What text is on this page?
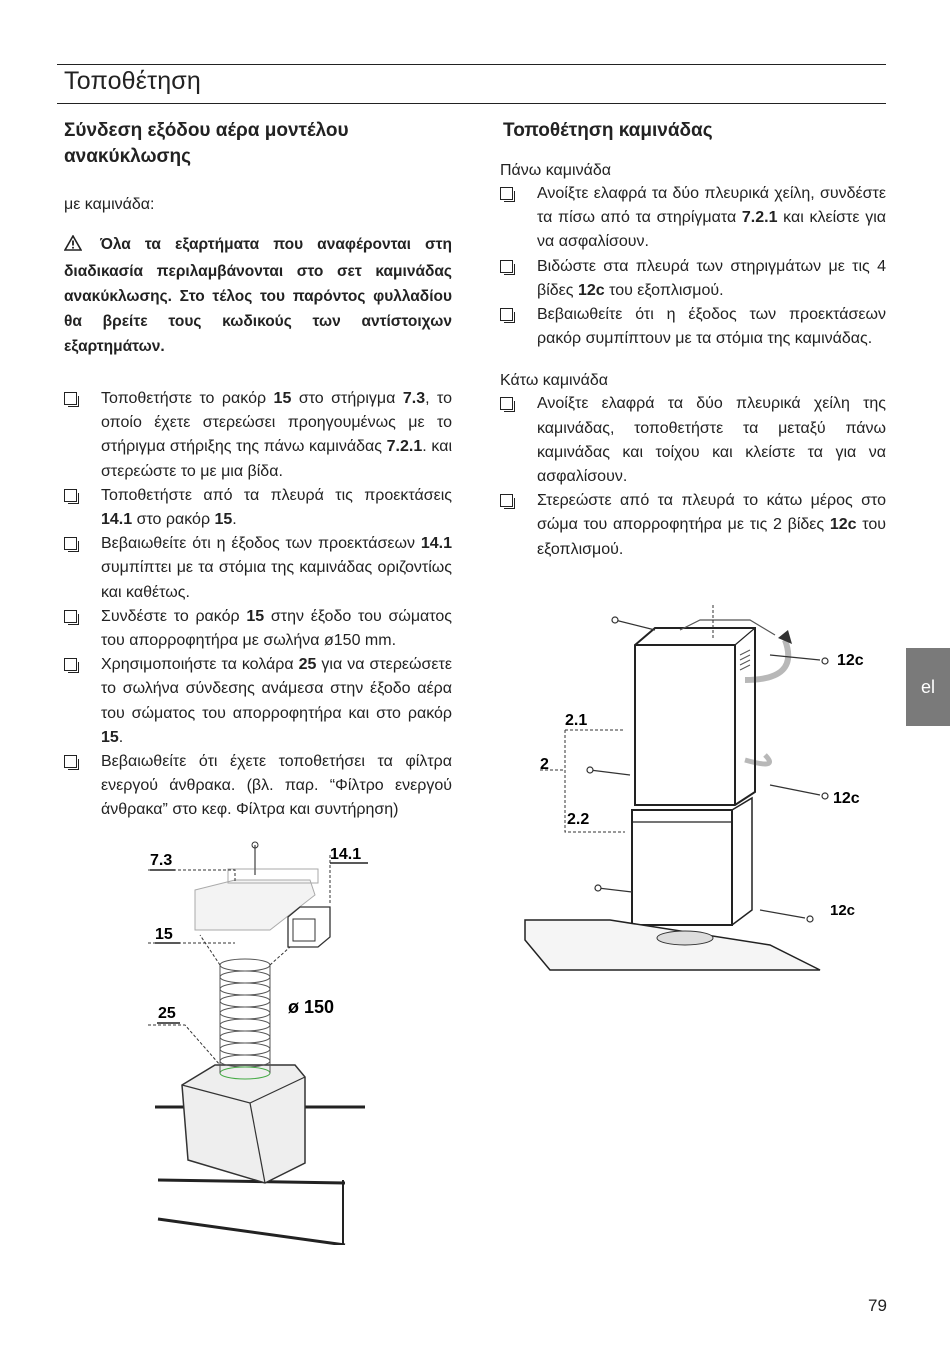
Τοποθέτηση
Σύνδεση εξόδου αέρα μοντέλου ανακύκλωσης
με καμινάδα:

Όλα τα εξαρτήματα που αναφέρονται στη διαδικασία περιλαμβάνονται στο σετ καμινάδας ανακύκλωσης. Στο τέλος του παρόντος φυλλαδίου θα βρείτε τους κωδικούς των αντίστοιχων εξαρτημάτων.

Τοποθετήστε το ρακόρ 15 στο στήριγμα 7.3, το οποίο έχετε στερεώσει προηγουμένως με το στήριγμα στήριξης της πάνω καμινάδας 7.2.1. και στερεώστε το με μια βίδα.
Τοποθετήστε από τα πλευρά τις προεκτάσεις 14.1 στο ρακόρ 15.
Βεβαιωθείτε ότι η έξοδος των προεκτάσεων 14.1 συμπίπτει με τα στόμια της καμινάδας οριζοντίως και καθέτως.
Συνδέστε το ρακόρ 15 στην έξοδο του σώματος του απορροφητήρα με σωλήνα ø150 mm.
Χρησιμοποιήστε τα κολάρα 25 για να στερεώσετε το σωλήνα σύνδεσης ανάμεσα στην έξοδο αέρα του σώματος του απορροφητήρα και στο ρακόρ 15.
Βεβαιωθείτε ότι έχετε τοποθετήσει τα φίλτρα ενεργού άνθρακα. (βλ. παρ. “Φίλτρο ενεργού άνθρακα” στο κεφ. Φίλτρα και συντήρηση)
Τοποθέτηση καμινάδας
Πάνω καμινάδα
Ανοίξτε ελαφρά τα δύο πλευρικά χείλη, συνδέστε τα πίσω από τα στηρίγματα 7.2.1 και κλείστε για να ασφαλίσουν.
Βιδώστε στα πλευρά των στηριγμάτων με τις 4 βίδες 12c του εξοπλισμού.
Βεβαιωθείτε ότι η έξοδος των προεκτάσεων ρακόρ συμπίπτουν με τα στόμια της καμινάδας.
Κάτω καμινάδα
Ανοίξτε ελαφρά τα δύο πλευρικά χείλη της καμινάδας, τοποθετήστε τα μεταξύ πάνω καμινάδας και τοίχου και κλείστε τα για να ασφαλίσουν.
Στερεώστε από τα πλευρά το κάτω μέρος στο σώμα του απορροφητήρα με τις 2 βίδες 12c του εξοπλισμού.
7.3	14.1
15
25	ø 150
12c
2.1
2
12c
2.2
12c
el
79
